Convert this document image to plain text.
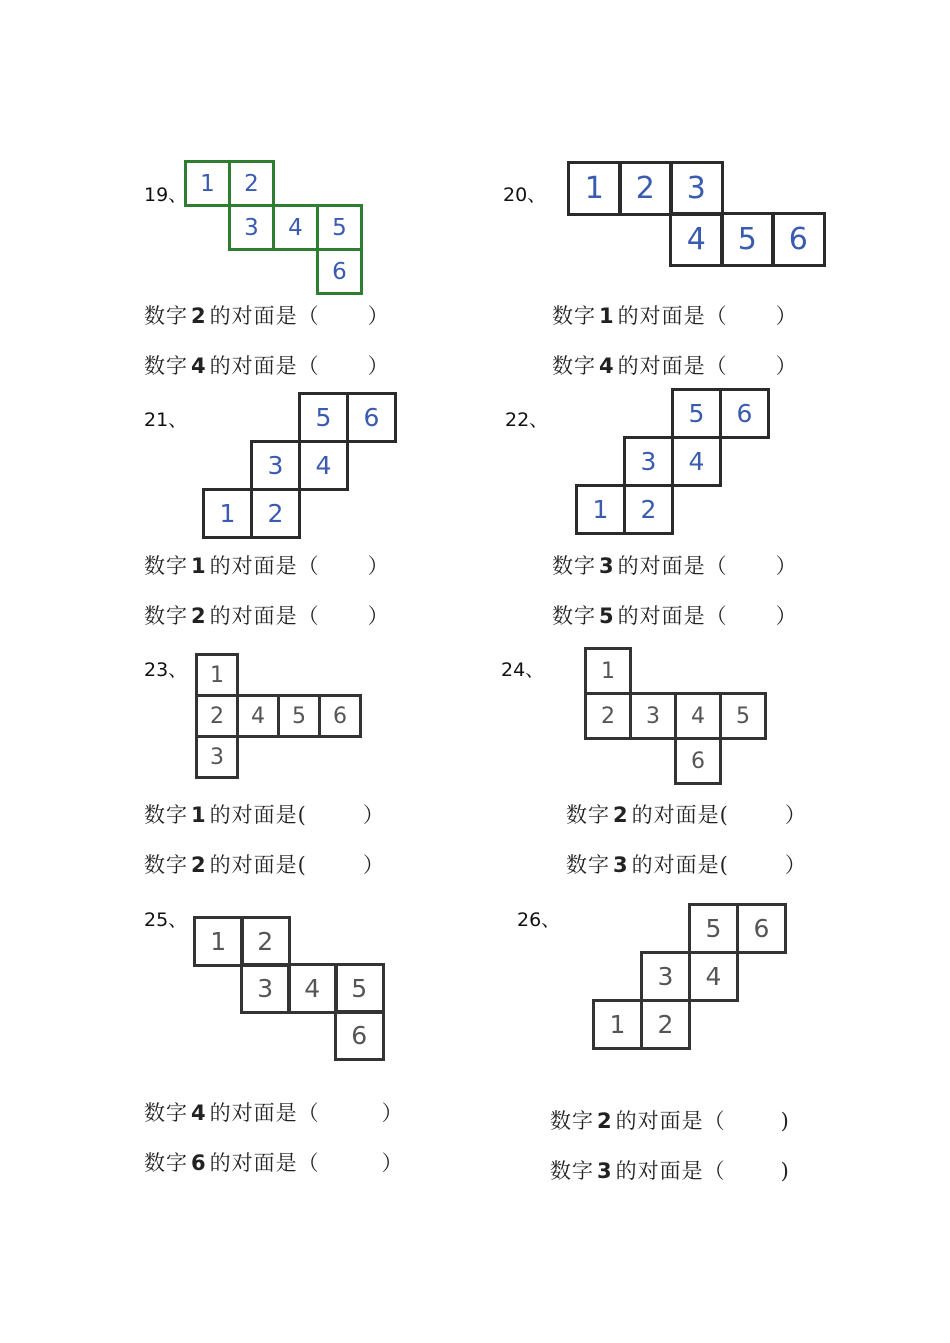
19、 1	2
3	4	5
6
数字 2 的对面是（ ）
数字 4 的对面是（ ）
20、	1	2	3
4	5	6
数字 1 的对面是（ ）
数字 4 的对面是（ ）
21、	5	6
3	4
1	2
数字 1 的对面是（ ）
数字 2 的对面是（ ）
22、	5	6
3	4
1	2
数字 3 的对面是（ ）
数字 5 的对面是（ ）
23、	1
2	4	5	6
3
数字 1 的对面是(	）
数字 2 的对面是(	）
24、	1
2	3	4	5
6
数字 2 的对面是(	）
数字 3 的对面是(	）
25、
1	2
3	4	5
6
数字 4 的对面是（	）
数字 6 的对面是（	）
26、	5	6
3	4
1	2
数字 2 的对面是（	)
数字 3 的对面是（	)
